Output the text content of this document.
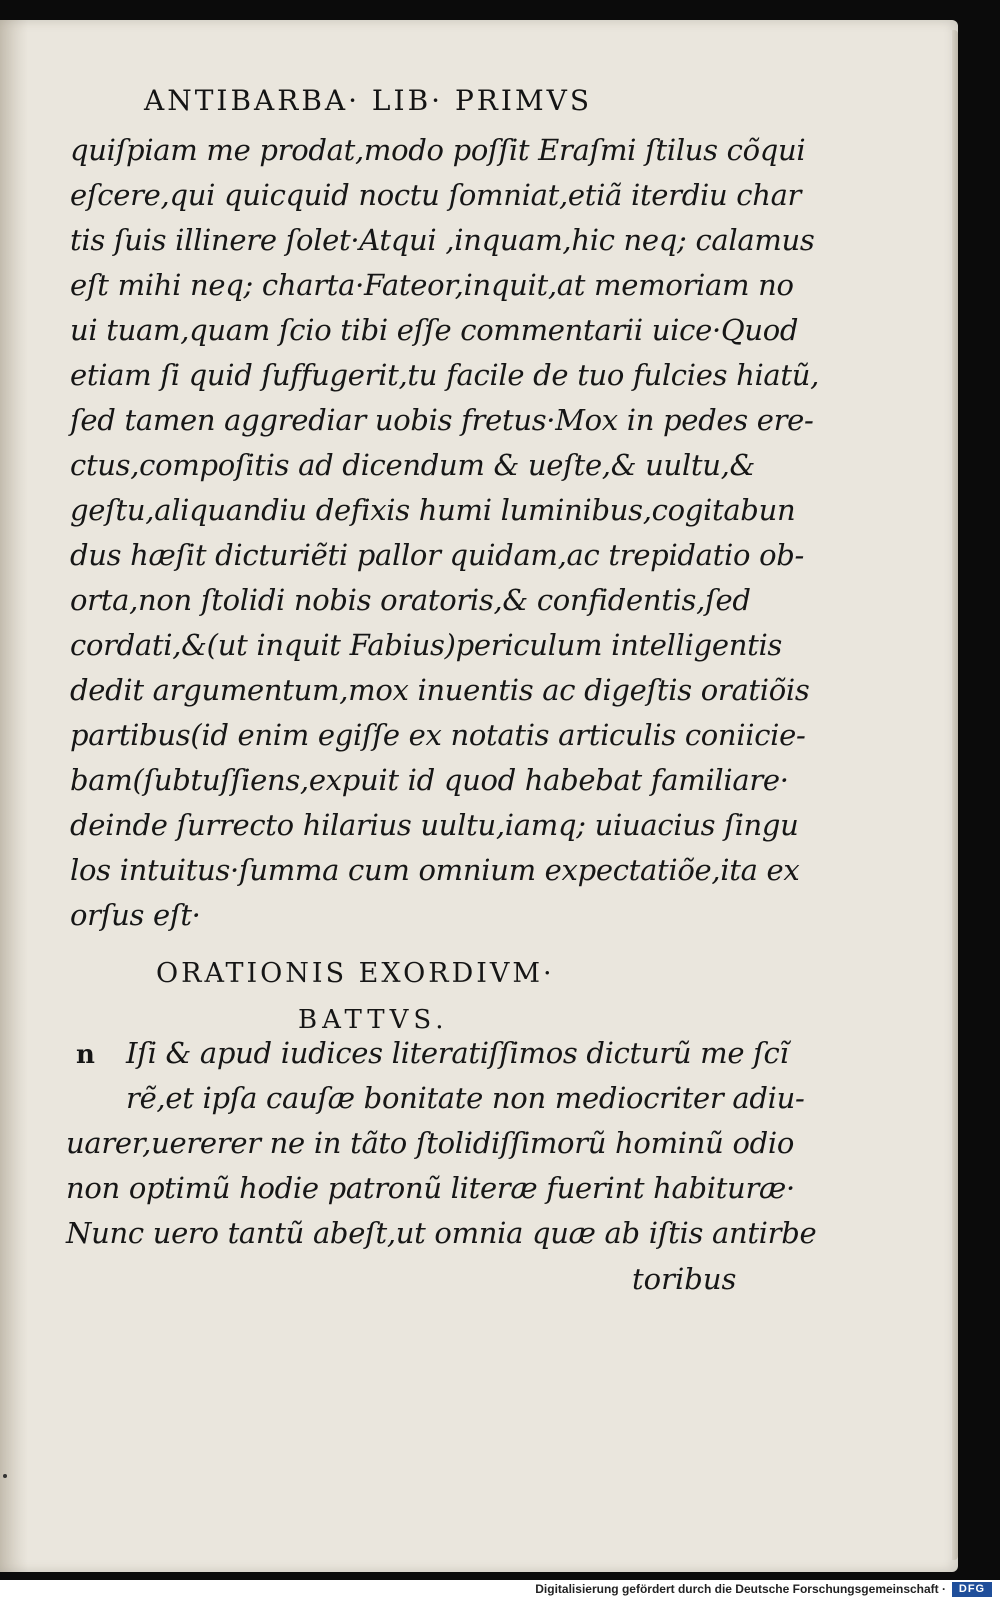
ANTIBARBA· LIB· PRIMVS
quiſpiam me prodat,modo poſſit Eraſmi ſtilus cõqui
eſcere,qui quicquid noctu ſomniat,etiã iterdiu char
tis ſuis illinere ſolet·Atqui ,inquam,hic neq; calamus
eſt mihi neq; charta·Fateor,inquit,at memoriam no
ui tuam,quam ſcio tibi eſſe commentarii uice·Quod
etiam ſi quid ſuffugerit,tu facile de tuo fulcies hiatũ,
ſed tamen aggrediar uobis fretus·Mox in pedes ere-
ctus,compoſitis ad dicendum & ueſte,& uultu,&
geſtu,aliquandiu defixis humi luminibus,cogitabun
dus hæſit dicturiẽti pallor quidam,ac trepidatio ob-
orta,non ſtolidi nobis oratoris,& confidentis,ſed
cordati,&(ut inquit Fabius)periculum intelligentis
dedit argumentum,mox inuentis ac digeſtis oratiõis
partibus(id enim egiſſe ex notatis articulis coniicie-
bam(ſubtuſſiens,expuit id quod habebat familiare·
deinde ſurrecto hilarius uultu,iamq; uiuacius ſingu
los intuitus·ſumma cum omnium expectatiõe,ita ex
orſus eſt·
ORATIONIS EXORDIVM·
BATTVS.
n Iſi & apud iudices literatiſſimos dicturũ me ſcĩ
rẽ,et ipſa cauſæ bonitate non mediocriter adiu-
uarer,uererer ne in tãto ſtolidiſſimorũ hominũ odio
non optimũ hodie patronũ literæ fuerint habituræ·
Nunc uero tantũ abeſt,ut omnia quæ ab iſtis antirbe
toribus
Digitalisierung gefördert durch die Deutsche Forschungsgemeinschaft ·	DFG
